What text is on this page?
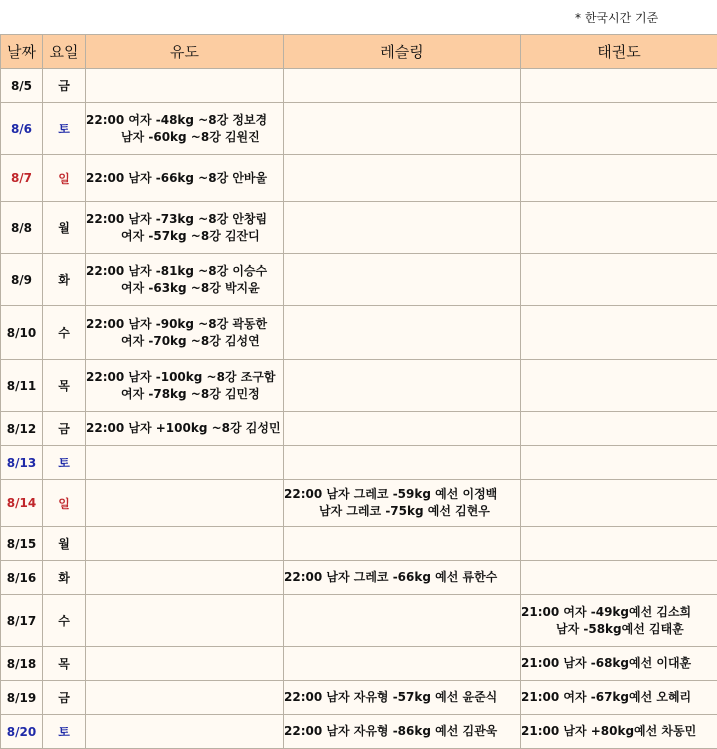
* 한국시간 기준
날짜	요일	유도	레슬링	태권도
8/5	금			
8/6	토	22:00 여자 -48kg ~8강 정보경
남자 -60kg ~8강 김원진		

8/7	일	22:00 남자 -66kg ~8강 안바울		

8/8	월	22:00 남자 -73kg ~8강 안창림
여자 -57kg ~8강 김잔디		

8/9	화	22:00 남자 -81kg ~8강 이승수
여자 -63kg ~8강 박지윤		

8/10	수	22:00 남자 -90kg ~8강 곽동한
여자 -70kg ~8강 김성연		

8/11	목	22:00 남자 -100kg ~8강 조구함
여자 -78kg ~8강 김민정		

8/12	금	22:00 남자 +100kg ~8강 김성민		

8/13	토			
8/14	일		22:00 남자 그레코 -59kg 예선 이정백
남자 그레코 -75kg 예선 김현우	

8/15	월			
8/16	화		22:00 남자 그레코 -66kg 예선 류한수	

8/17	수			21:00 여자 -49kg예선 김소희
남자 -58kg예선 김태훈

8/18	목			21:00 남자 -68kg예선 이대훈

8/19	금		22:00 남자 자유형 -57kg 예선 윤준식	21:00 여자 -67kg예선 오혜리

8/20	토		22:00 남자 자유형 -86kg 예선 김관욱	21:00 남자 +80kg예선 차동민
